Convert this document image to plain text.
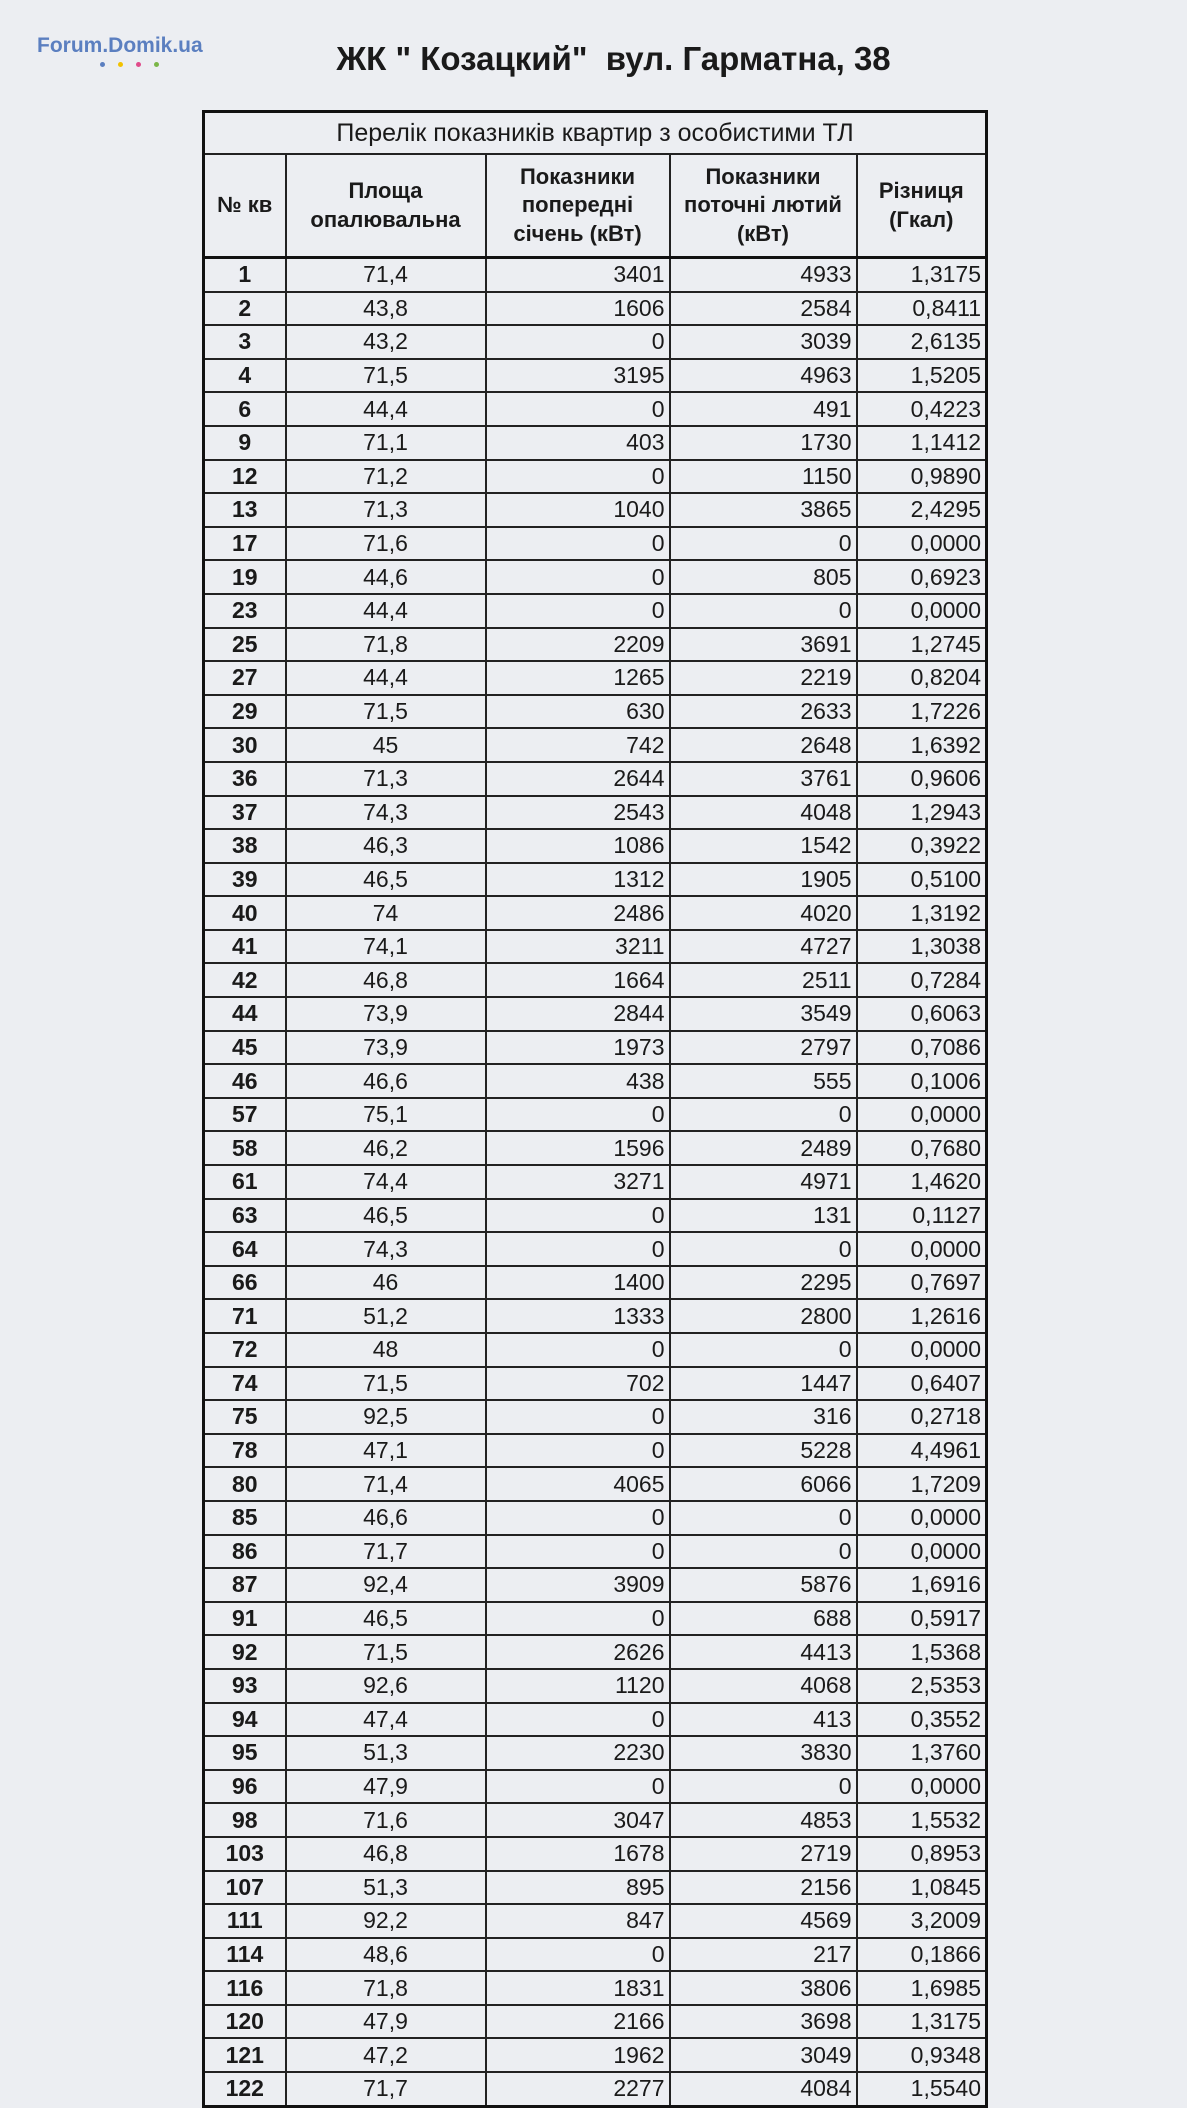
Forum.Domik.ua	ЖК " Козацкий"  вул. Гарматна, 38
Перелік показників квартир з особистими ТЛ				
№ кв	Площа опалювальна	Показники попередні січень (кВт)	Показники поточні лютий (кВт)	Різниця (Гкал)
1	71,4	3401	4933	1,3175
2	43,8	1606	2584	0,8411
3	43,2	0	3039	2,6135
4	71,5	3195	4963	1,5205
6	44,4	0	491	0,4223
9	71,1	403	1730	1,1412
12	71,2	0	1150	0,9890
13	71,3	1040	3865	2,4295
17	71,6	0	0	0,0000
19	44,6	0	805	0,6923
23	44,4	0	0	0,0000
25	71,8	2209	3691	1,2745
27	44,4	1265	2219	0,8204
29	71,5	630	2633	1,7226
30	45	742	2648	1,6392
36	71,3	2644	3761	0,9606
37	74,3	2543	4048	1,2943
38	46,3	1086	1542	0,3922
39	46,5	1312	1905	0,5100
40	74	2486	4020	1,3192
41	74,1	3211	4727	1,3038
42	46,8	1664	2511	0,7284
44	73,9	2844	3549	0,6063
45	73,9	1973	2797	0,7086
46	46,6	438	555	0,1006
57	75,1	0	0	0,0000
58	46,2	1596	2489	0,7680
61	74,4	3271	4971	1,4620
63	46,5	0	131	0,1127
64	74,3	0	0	0,0000
66	46	1400	2295	0,7697
71	51,2	1333	2800	1,2616
72	48	0	0	0,0000
74	71,5	702	1447	0,6407
75	92,5	0	316	0,2718
78	47,1	0	5228	4,4961
80	71,4	4065	6066	1,7209
85	46,6	0	0	0,0000
86	71,7	0	0	0,0000
87	92,4	3909	5876	1,6916
91	46,5	0	688	0,5917
92	71,5	2626	4413	1,5368
93	92,6	1120	4068	2,5353
94	47,4	0	413	0,3552
95	51,3	2230	3830	1,3760
96	47,9	0	0	0,0000
98	71,6	3047	4853	1,5532
103	46,8	1678	2719	0,8953
107	51,3	895	2156	1,0845
111	92,2	847	4569	3,2009
114	48,6	0	217	0,1866
116	71,8	1831	3806	1,6985
120	47,9	2166	3698	1,3175
121	47,2	1962	3049	0,9348
122	71,7	2277	4084	1,5540
